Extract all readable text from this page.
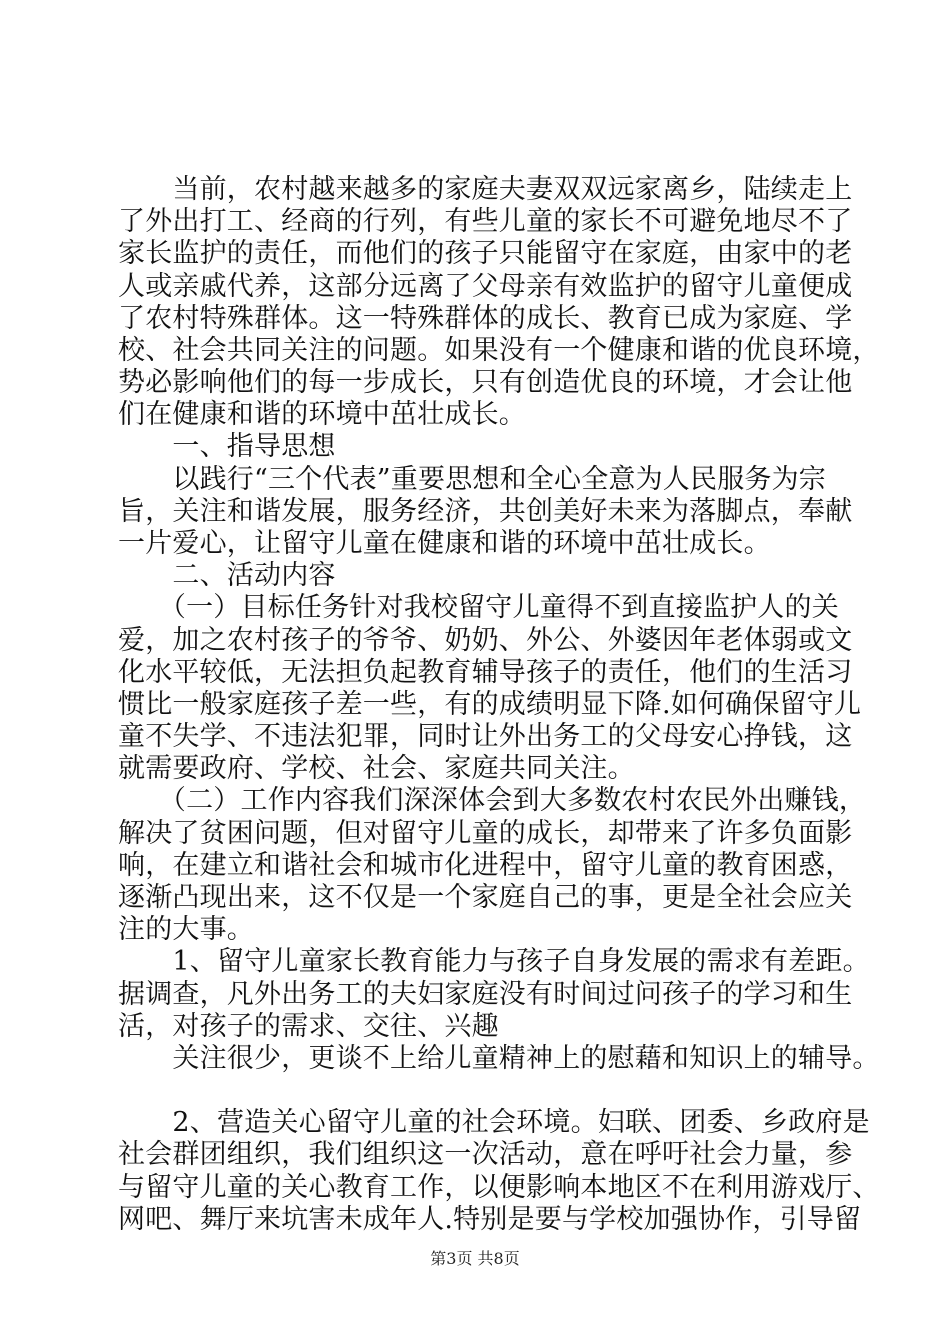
　　当前，农村越来越多的家庭夫妻双双远家离乡，陆续走上
了外出打工、经商的行列，有些儿童的家长不可避免地尽不了
家长监护的责任，而他们的孩子只能留守在家庭，由家中的老
人或亲戚代养，这部分远离了父母亲有效监护的留守儿童便成
了农村特殊群体。这一特殊群体的成长、教育已成为家庭、学
校、社会共同关注的问题。如果没有一个健康和谐的优良环境，
势必影响他们的每一步成长，只有创造优良的环境，才会让他
们在健康和谐的环境中茁壮成长。
　　一、指导思想
　　以践行“三个代表”重要思想和全心全意为人民服务为宗
旨，关注和谐发展，服务经济，共创美好未来为落脚点，奉献
一片爱心，让留守儿童在健康和谐的环境中茁壮成长。
　　二、活动内容
　　（一）目标任务针对我校留守儿童得不到直接监护人的关
爱，加之农村孩子的爷爷、奶奶、外公、外婆因年老体弱或文
化水平较低，无法担负起教育辅导孩子的责任，他们的生活习
惯比一般家庭孩子差一些，有的成绩明显下降.如何确保留守儿
童不失学、不违法犯罪，同时让外出务工的父母安心挣钱，这
就需要政府、学校、社会、家庭共同关注。
　　（二）工作内容我们深深体会到大多数农村农民外出赚钱，
解决了贫困问题，但对留守儿童的成长，却带来了许多负面影
响，在建立和谐社会和城市化进程中，留守儿童的教育困惑，
逐渐凸现出来，这不仅是一个家庭自己的事，更是全社会应关
注的大事。
　　1、留守儿童家长教育能力与孩子自身发展的需求有差距。
据调查，凡外出务工的夫妇家庭没有时间过问孩子的学习和生
活，对孩子的需求、交往、兴趣
　　关注很少，更谈不上给儿童精神上的慰藉和知识上的辅导。
　　2、营造关心留守儿童的社会环境。妇联、团委、乡政府是
社会群团组织，我们组织这一次活动，意在呼吁社会力量，参
与留守儿童的关心教育工作，以便影响本地区不在利用游戏厅、
网吧、舞厅来坑害未成年人.特别是要与学校加强协作，引导留
第3页 共8页
